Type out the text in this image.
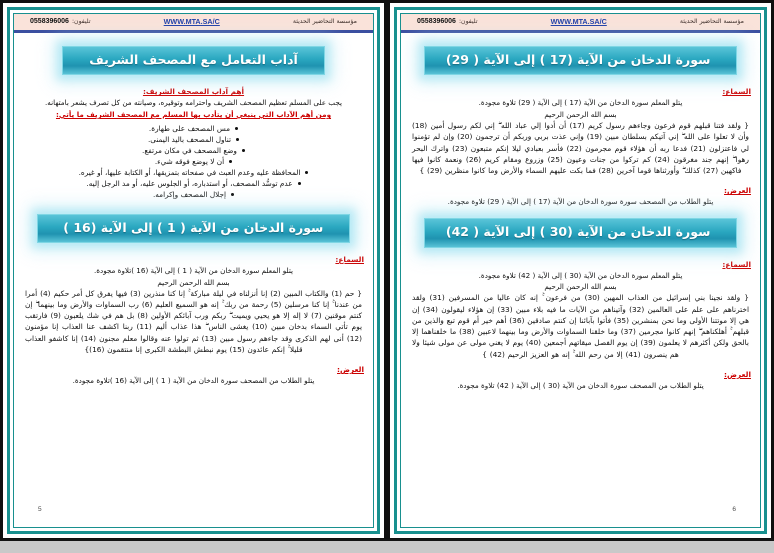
مؤسسة التحاضير الحديثة
WWW.MTA.SA/C
تليفون:
0558396006
آداب التعامل مع المصحف الشريف
أهم آداب المصحف الشريف:

يجب على المسلم تعظيم المصحف الشريف واحترامه وتوقيره، وصيانته من كل تصرف يشعر بامتهانه.

ومن أهم الآداب التي ينبغي أن يتأدب بها المسلم مع المصحف الشريف ما يأتي:

مس المصحف على طهارة.
تناول المصحف باليد اليمنى.
وضع المصحف في مكان مرتفع.
أن لا يوضع فوقه شيء.
المحافظة عليه وعدم العبث في صفحاته بتمزيقها، أو الكتابة عليها، أو غيره.
عدم توسُّد المصحف، أو استدباره، أو الجلوس عليه، أو مد الرجل إليه.
إجلال المصحف وإكرامه.
سورة الدخان من الآية ( 1 ) إلى الآية (16 )
السماع:

يتلو المعلم سورة الدخان من الآية ( 1 ) إلى الآية (16 )تلاوة مجودة.

بسم الله الرحمن الرحيم

{ حم (1) والكتاب المبين (2) إنا أنزلناه في ليلة مباركة ۚ إنا كنا منذرين (3) فيها يفرق كل أمر حكيم (4) أمرا من عندنا ۚ إنا كنا مرسلين (5) رحمة من ربك ۚ إنه هو السميع العليم (6) رب السماوات والأرض وما بينهما ۖ إن كنتم موقنين (7) لا إله إلا هو يحيي ويميت ۖ ربكم ورب آبائكم الأولين (8) بل هم في شك يلعبون (9) فارتقب يوم تأتي السماء بدخان مبين (10) يغشى الناس ۖ هذا عذاب أليم (11) ربنا اكشف عنا العذاب إنا مؤمنون (12) أنى لهم الذكرى وقد جاءهم رسول مبين (13) ثم تولوا عنه وقالوا معلم مجنون (14) إنا كاشفو العذاب قليلا ۚ إنكم عائدون (15) يوم نبطش البطشة الكبرى إنا منتقمون (16)}

العرض:

يتلو الطلاب من المصحف سورة الدخان من الآية ( 1 ) إلى الآية (16 )تلاوة مجودة.

5
مؤسسة التحاضير الحديثة
WWW.MTA.SA/C
تليفون:
0558396006
سورة الدخان من الآية (17 ) إلى الآية ( 29)
السماع:

يتلو المعلم سورة الدخان من الآية (17 ) إلى الآية ( 29) تلاوة مجودة.

بسم الله الرحمن الرحيم

{ ولقد فتنا قبلهم قوم فرعون وجاءهم رسول كريم (17) أن أدوا إلي عباد الله ۖ إني لكم رسول أمين (18) وأن لا تعلوا على الله ۖ إني آتيكم بسلطان مبين (19) وإني عذت بربي وربكم أن ترجمون (20) وإن لم تؤمنوا لي فاعتزلون (21) فدعا ربه أن هؤلاء قوم مجرمون (22) فأسر بعبادي ليلا إنكم متبعون (23) واترك البحر رهوا ۖ إنهم جند مغرقون (24) كم تركوا من جنات وعيون (25) وزروع ومقام كريم (26) ونعمة كانوا فيها فاكهين (27) كذلك ۖ وأورثناها قوما آخرين (28) فما بكت عليهم السماء والأرض وما كانوا منظرين (29) }

العرض:

يتلو الطلاب من المصحف سورة سورة الدخان من الآية (17 ) إلى الآية ( 29) تلاوة مجودة.

سورة الدخان من الآية (30 ) إلى الآية ( 42)
السماع:

يتلو المعلم سورة الدخان من الآية (30 ) إلى الآية ( 42) تلاوة مجودة.

بسم الله الرحمن الرحيم

{ ولقد نجينا بني إسرائيل من العذاب المهين (30) من فرعون ۚ إنه كان عاليا من المسرفين (31) ولقد اخترناهم على علم على العالمين (32) وآتيناهم من الآيات ما فيه بلاء مبين (33) إن هؤلاء ليقولون (34) إن هي إلا موتتنا الأولى وما نحن بمنشرين (35) فأتوا بآبائنا إن كنتم صادقين (36) أهم خير أم قوم تبع والذين من قبلهم ۚ أهلكناهم ۖ إنهم كانوا مجرمين (37) وما خلقنا السماوات والأرض وما بينهما لاعبين (38) ما خلقناهما إلا بالحق ولكن أكثرهم لا يعلمون (39) إن يوم الفصل ميقاتهم أجمعين (40) يوم لا يغني مولى عن مولى شيئا ولا هم ينصرون (41) إلا من رحم الله ۚ إنه هو العزيز الرحيم (42) }

العرض:

يتلو الطلاب من المصحف سورة الدخان من الآية (30 ) إلى الآية ( 42) تلاوة مجودة.

6
